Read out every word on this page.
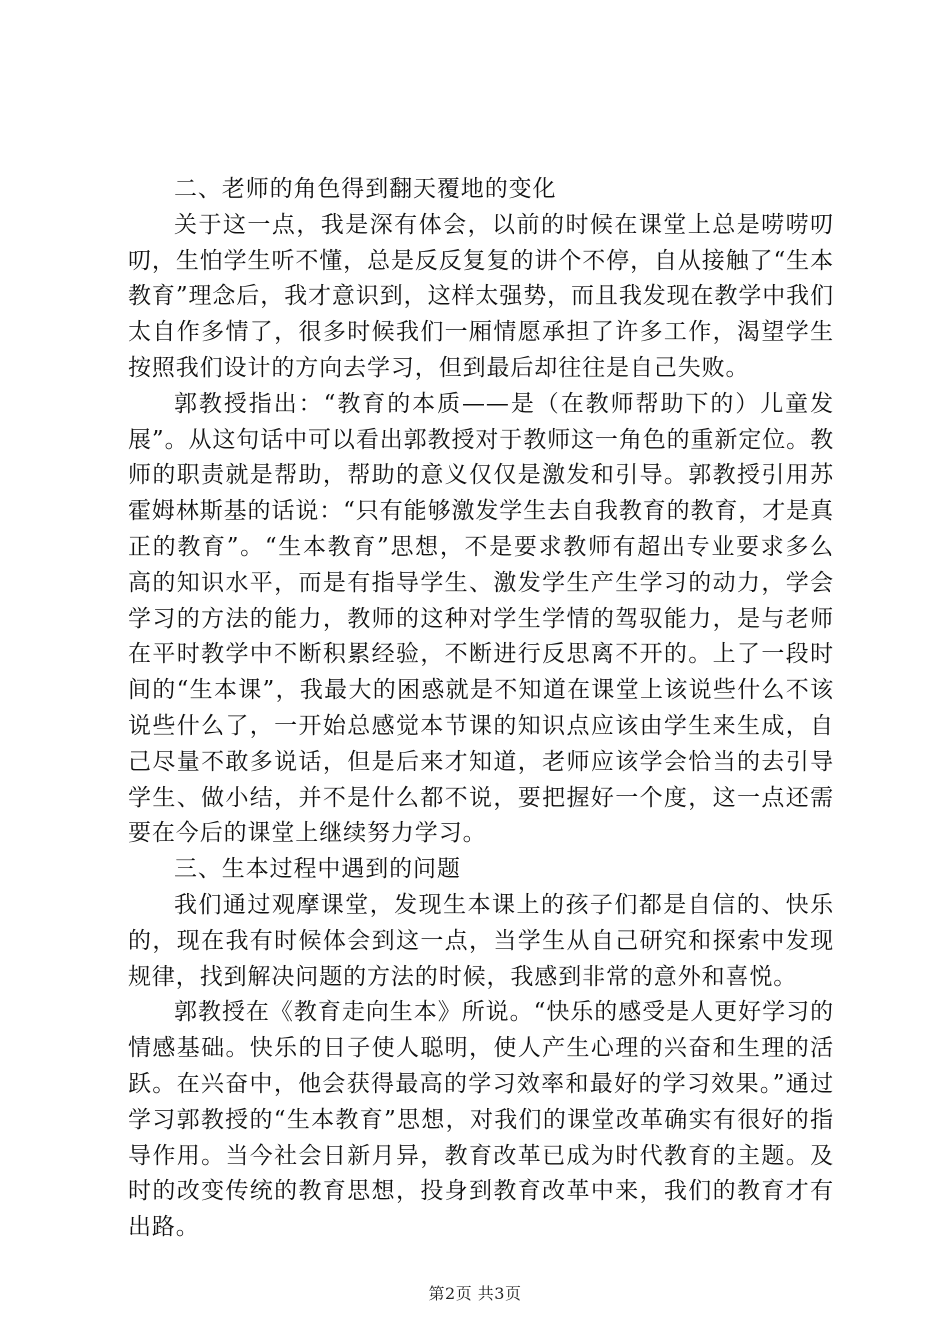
二、老师的角色得到翻天覆地的变化

关于这一点，我是深有体会，以前的时候在课堂上总是唠唠叨叨，生怕学生听不懂，总是反反复复的讲个不停，自从接触了“生本教育”理念后，我才意识到，这样太强势，而且我发现在教学中我们太自作多情了，很多时候我们一厢情愿承担了许多工作，渴望学生按照我们设计的方向去学习，但到最后却往往是自己失败。

郭教授指出：“教育的本质——是（在教师帮助下的）儿童发展”。从这句话中可以看出郭教授对于教师这一角色的重新定位。教师的职责就是帮助，帮助的意义仅仅是激发和引导。郭教授引用苏霍姆林斯基的话说：“只有能够激发学生去自我教育的教育，才是真正的教育”。“生本教育”思想，不是要求教师有超出专业要求多么高的知识水平，而是有指导学生、激发学生产生学习的动力，学会学习的方法的能力，教师的这种对学生学情的驾驭能力，是与老师在平时教学中不断积累经验，不断进行反思离不开的。上了一段时间的“生本课”，我最大的困惑就是不知道在课堂上该说些什么不该说些什么了，一开始总感觉本节课的知识点应该由学生来生成，自己尽量不敢多说话，但是后来才知道，老师应该学会恰当的去引导学生、做小结，并不是什么都不说，要把握好一个度，这一点还需要在今后的课堂上继续努力学习。

三、生本过程中遇到的问题

我们通过观摩课堂，发现生本课上的孩子们都是自信的、快乐的，现在我有时候体会到这一点，当学生从自己研究和探索中发现规律，找到解决问题的方法的时候，我感到非常的意外和喜悦。

郭教授在《教育走向生本》所说。“快乐的感受是人更好学习的情感基础。快乐的日子使人聪明，使人产生心理的兴奋和生理的活跃。在兴奋中，他会获得最高的学习效率和最好的学习效果。”通过学习郭教授的“生本教育”思想，对我们的课堂改革确实有很好的指导作用。当今社会日新月异，教育改革已成为时代教育的主题。及时的改变传统的教育思想，投身到教育改革中来，我们的教育才有出路。

第2页 共3页
